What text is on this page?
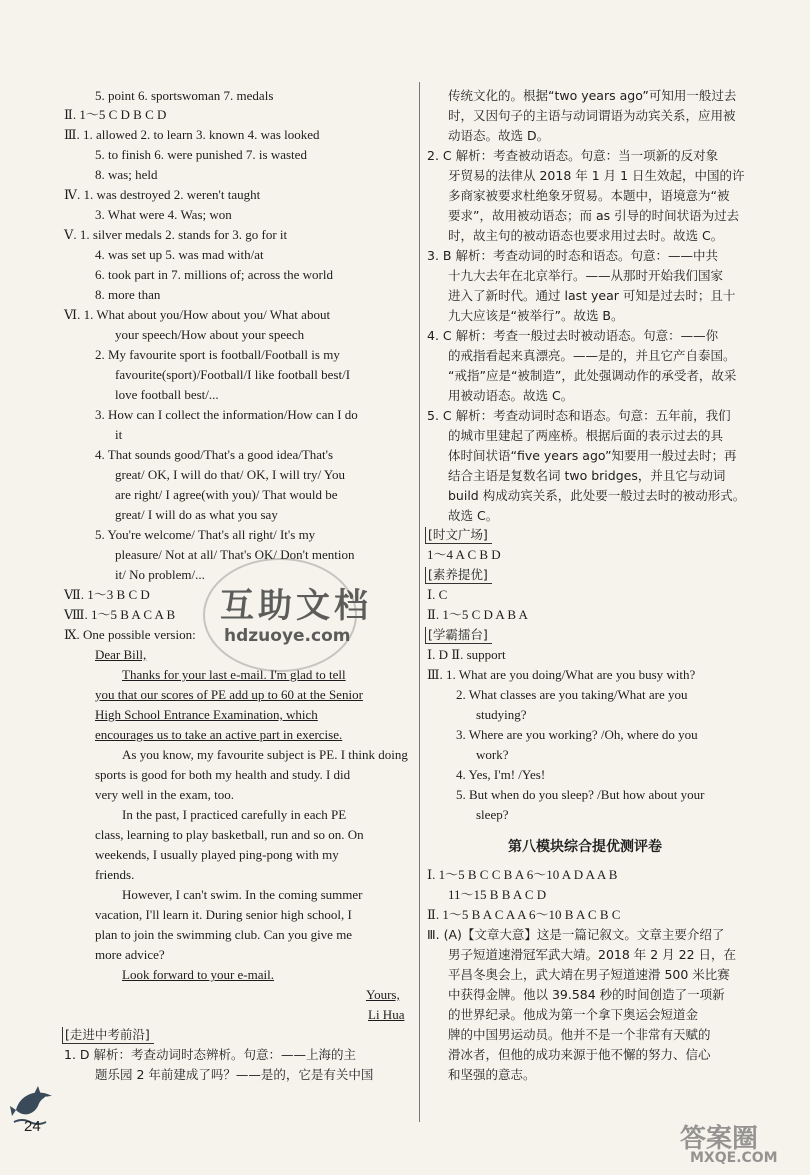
5. point 6. sportswoman 7. medals
Ⅱ. 1～5 C D B C D
Ⅲ. 1. allowed 2. to learn 3. known 4. was looked
5. to finish 6. were punished 7. is wasted
8. was; held
Ⅳ. 1. was destroyed 2. weren't taught
3. What were 4. Was; won
Ⅴ. 1. silver medals 2. stands for 3. go for it
4. was set up 5. was mad with/at
6. took part in 7. millions of; across the world
8. more than
Ⅵ. 1. What about you/How about you/ What about
your speech/How about your speech
2. My favourite sport is football/Football is my
favourite(sport)/Football/I like football best/I
love football best/...
3. How can I collect the information/How can I do
it
4. That sounds good/That's a good idea/That's
great/ OK, I will do that/ OK, I will try/ You
are right/ I agree(with you)/ That would be
great/ I will do as what you say
5. You're welcome/ That's all right/ It's my
pleasure/ Not at all/ That's OK/ Don't mention
it/ No problem/...
Ⅶ. 1～3 B C D
Ⅷ. 1～5 B A C A B
Ⅸ. One possible version:
Dear Bill,
Thanks for your last e-mail. I'm glad to tell
you that our scores of PE add up to 60 at the Senior
High School Entrance Examination, which
encourages us to take an active part in exercise.
As you know, my favourite subject is PE. I think doing
sports is good for both my health and study. I did
very well in the exam, too.
In the past, I practiced carefully in each PE
class, learning to play basketball, run and so on. On
weekends, I usually played ping-pong with my
friends.
However, I can't swim. In the coming summer
vacation, I'll learn it. During senior high school, I
plan to join the swimming club. Can you give me
more advice?
Look forward to your e-mail.
Yours,
Li Hua
[走进中考前沿]
1. D 解析：考查动词时态辨析。句意：——上海的主
题乐园 2 年前建成了吗？——是的，它是有关中国
传统文化的。根据“two years ago”可知用一般过去
时，又因句子的主语与动词谓语为动宾关系，应用被
动语态。故选 D。
2. C 解析：考查被动语态。句意：当一项新的反对象
牙贸易的法律从 2018 年 1 月 1 日生效起，中国的许
多商家被要求杜绝象牙贸易。本题中，语境意为“被
要求”，故用被动语态；而 as 引导的时间状语为过去
时，故主句的被动语态也要求用过去时。故选 C。
3. B 解析：考查动词的时态和语态。句意：——中共
十九大去年在北京举行。——从那时开始我们国家
进入了新时代。通过 last year 可知是过去时；且十
九大应该是“被举行”。故选 B。
4. C 解析：考查一般过去时被动语态。句意：——你
的戒指看起来真漂亮。——是的，并且它产自泰国。
“戒指”应是“被制造”，此处强调动作的承受者，故采
用被动语态。故选 C。
5. C 解析：考查动词时态和语态。句意：五年前，我们
的城市里建起了两座桥。根据后面的表示过去的具
体时间状语“five years ago”知要用一般过去时；再
结合主语是复数名词 two bridges，并且它与动词
build 构成动宾关系，此处要一般过去时的被动形式。
故选 C。
[时文广场]
1～4 A C B D
[素养提优]
Ⅰ. C
Ⅱ. 1～5 C D A B A
[学霸擂台]
Ⅰ. D Ⅱ. support
Ⅲ. 1. What are you doing/What are you busy with?
2. What classes are you taking/What are you
studying?
3. Where are you working? /Oh, where do you
work?
4. Yes, I'm! /Yes!
5. But when do you sleep? /But how about your
sleep?
第八模块综合提优测评卷
Ⅰ. 1～5 B C C B A 6～10 A D A A B
11～15 B B A C D
Ⅱ. 1～5 B A C A A 6～10 B A C B C
Ⅲ. (A)【文章大意】这是一篇记叙文。文章主要介绍了
男子短道速滑冠军武大靖。2018 年 2 月 22 日，在
平昌冬奥会上，武大靖在男子短道速滑 500 米比赛
中获得金牌。他以 39.584 秒的时间创造了一项新
的世界纪录。他成为第一个拿下奥运会短道金
牌的中国男运动员。他并不是一个非常有天赋的
滑冰者，但他的成功来源于他不懈的努力、信心
和坚强的意志。
互助文档
hdzuoye.com
24	答案圈
MXQE.COM
